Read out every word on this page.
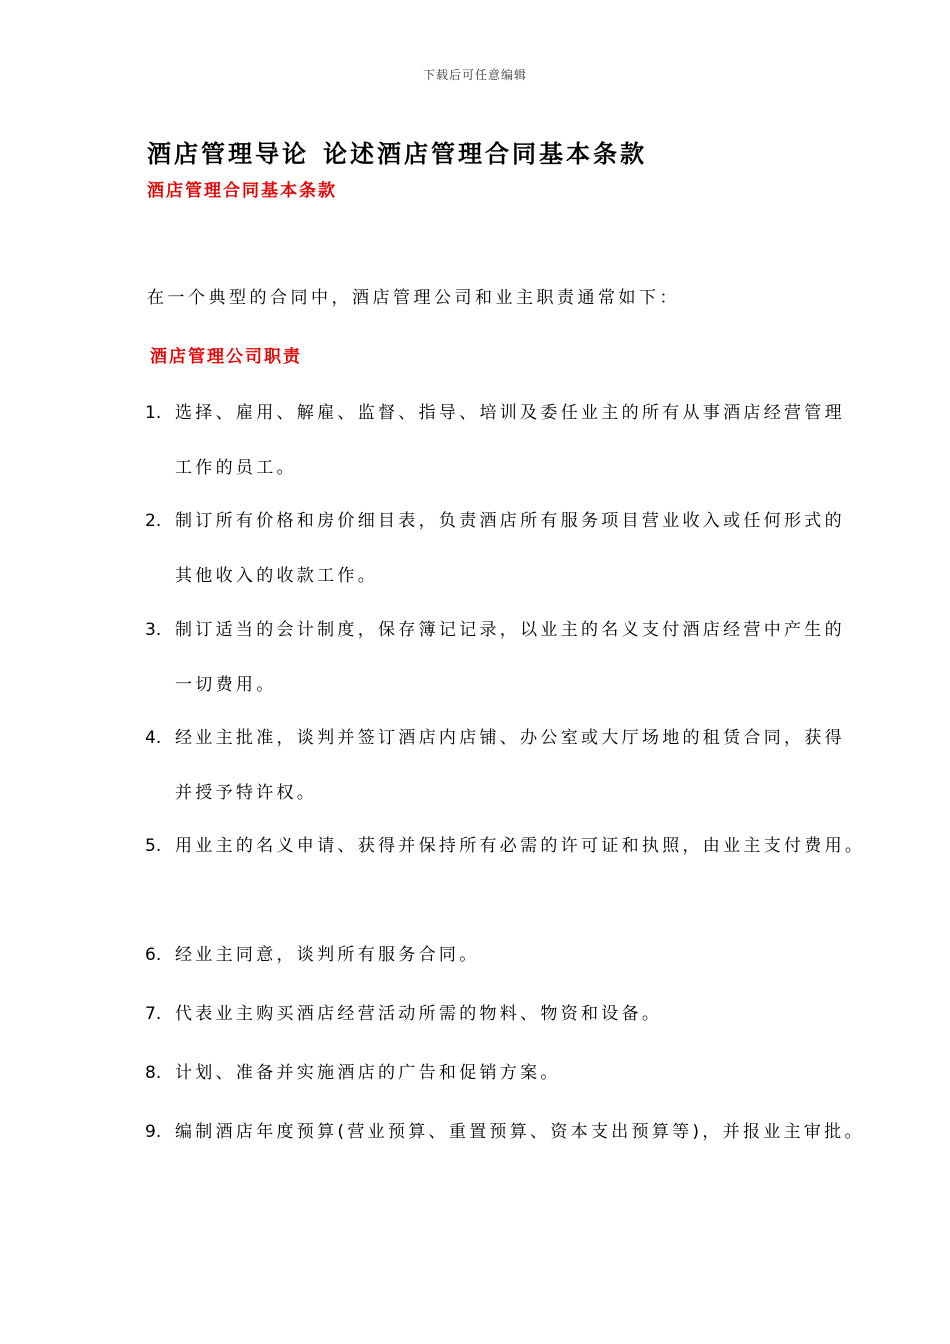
下载后可任意编辑
酒店管理导论 论述酒店管理合同基本条款
酒店管理合同基本条款
在一个典型的合同中，酒店管理公司和业主职责通常如下：
酒店管理公司职责
1. 选择、雇用、解雇、监督、指导、培训及委任业主的所有从事酒店经营管理
工作的员工。
2. 制订所有价格和房价细目表，负责酒店所有服务项目营业收入或任何形式的
其他收入的收款工作。
3. 制订适当的会计制度，保存簿记记录，以业主的名义支付酒店经营中产生的
一切费用。
4. 经业主批准，谈判并签订酒店内店铺、办公室或大厅场地的租赁合同，获得
并授予特许权。
5. 用业主的名义申请、获得并保持所有必需的许可证和执照，由业主支付费用。
6. 经业主同意，谈判所有服务合同。
7. 代表业主购买酒店经营活动所需的物料、物资和设备。
8. 计划、准备并实施酒店的广告和促销方案。
9. 编制酒店年度预算(营业预算、重置预算、资本支出预算等)，并报业主审批。
